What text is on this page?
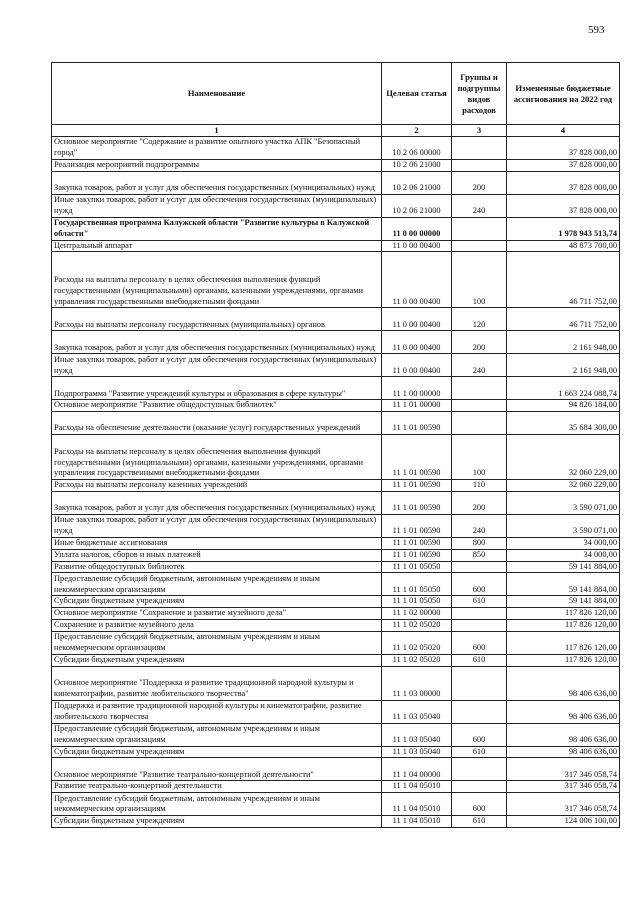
593
Наименование	Целевая статья	Группы и подгруппы видов расходов	Измененные бюджетные ассигнования на 2022 год
1	2	3	4
Основное мероприятие "Содержание и развитие опытного участка АПК "Безопасный город"	10 2 06 00000		37 828 000,00
Реализация мероприятий подпрограммы	10 2 06 21000		37 828 000,00
Закупка товаров, работ и услуг для обеспечения государственных (муниципальных) нужд	10 2 06 21000	200	37 828 000,00
Иные закупки товаров, работ и услуг для обеспечения государственных (муниципальных) нужд	10 2 06 21000	240	37 828 000,00
Государственная программа Калужской области "Развитие культуры в Калужской области"	11 0 00 00000		1 978 943 513,74
Центральный аппарат	11 0 00 00400		48 873 700,00
Расходы на выплаты персоналу в целях обеспечения выполнения функций государственными (муниципальными) органами, казенными учреждениями, органами управления государственными внебюджетными фондами	11 0 00 00400	100	46 711 752,00
Расходы на выплаты персоналу государственных (муниципальных) органов	11 0 00 00400	120	46 711 752,00
Закупка товаров, работ и услуг для обеспечения государственных (муниципальных) нужд	11 0 00 00400	200	2 161 948,00
Иные закупки товаров, работ и услуг для обеспечения государственных (муниципальных) нужд	11 0 00 00400	240	2 161 948,00
Подпрограмма "Развитие учреждений культуры и образования в сфере культуры"	11 1 00 00000		1 663 224 088,74
Основное мероприятие "Развитие общедоступных библиотек"	11 1 01 00000		94 826 184,00
Расходы на обеспечение деятельности (оказание услуг) государственных учреждений	11 1 01 00590		35 684 300,00
Расходы на выплаты персоналу в целях обеспечения выполнения функций государственными (муниципальными) органами, казенными учреждениями, органами управления государственными внебюджетными фондами	11 1 01 00590	100	32 060 229,00
Расходы на выплаты персоналу казенных учреждений	11 1 01 00590	110	32 060 229,00
Закупка товаров, работ и услуг для обеспечения государственных (муниципальных) нужд	11 1 01 00590	200	3 590 071,00
Иные закупки товаров, работ и услуг для обеспечения государственных (муниципальных) нужд	11 1 01 00590	240	3 590 071,00
Иные бюджетные ассигнования	11 1 01 00590	800	34 000,00
Уплата налогов, сборов и иных платежей	11 1 01 00590	850	34 000,00
Развитие общедоступных библиотек	11 1 01 05050		59 141 884,00
Предоставление субсидий бюджетным, автономным учреждениям и иным некоммерческим организациям	11 1 01 05050	600	59 141 884,00
Субсидии бюджетным учреждениям	11 1 01 05050	610	59 141 884,00
Основное мероприятие "Сохранение и развитие музейного дела"	11 1 02 00000		117 826 120,00
Сохранение и развитие музейного дела	11 1 02 05020		117 826 120,00
Предоставление субсидий бюджетным, автономным учреждениям и иным некоммерческим организациям	11 1 02 05020	600	117 826 120,00
Субсидии бюджетным учреждениям	11 1 02 05020	610	117 826 120,00
Основное мероприятие "Поддержка и развитие традиционной народной культуры и кинематографии, развитие любительского творчества"	11 1 03 00000		98 406 636,00
Поддержка и развитие традиционной народной культуры и кинематографии, развитие любительского творчества	11 1 03 05040		98 406 636,00
Предоставление субсидий бюджетным, автономным учреждениям и иным некоммерческим организациям	11 1 03 05040	600	98 406 636,00
Субсидии бюджетным учреждениям	11 1 03 05040	610	98 406 636,00
Основное мероприятие "Развитие театрально-концертной деятельности"	11 1 04 00000		317 346 058,74
Развитие театрально-концертной деятельности	11 1 04 05010		317 346 058,74
Предоставление субсидий бюджетным, автономным учреждениям и иным некоммерческим организациям	11 1 04 05010	600	317 346 058,74
Субсидии бюджетным учреждениям	11 1 04 05010	610	124 006 100,00
